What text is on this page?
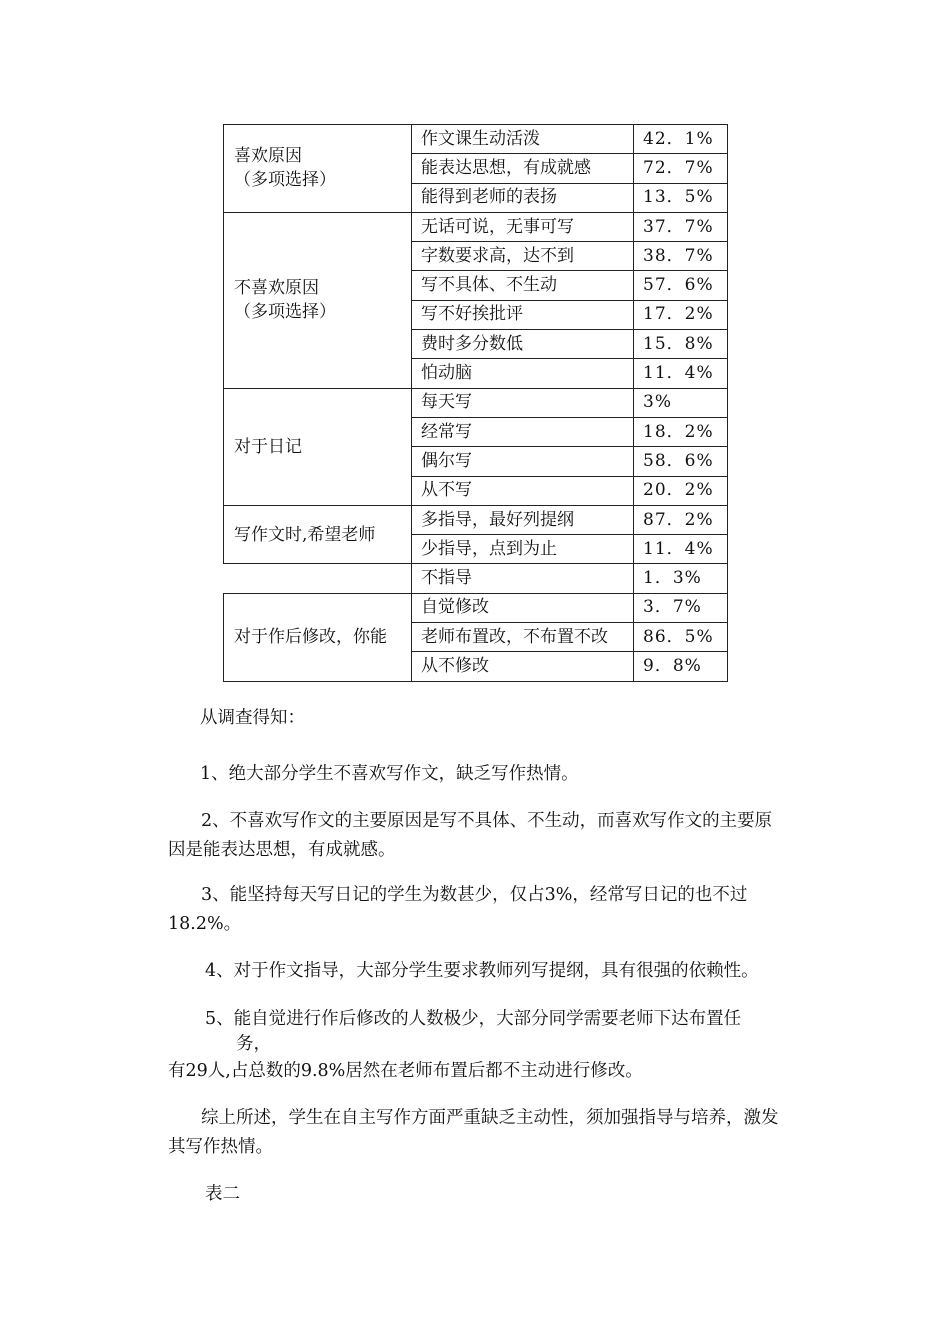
喜欢原因
（多项选择）	作文课生动活泼	42．1%
	能表达思想，有成就感	72．7%
	能得到老师的表扬	13．5%

不喜欢原因
（多项选择）	无话可说，无事可写	37．7%
	字数要求高，达不到	38．7%
	写不具体、不生动	57．6%
	写不好挨批评	17．2%
	费时多分数低	15．8%
	怕动脑	11．4%

对于日记	每天写	3%
	经常写	18．2%
	偶尔写	58．6%
	从不写	20．2%

写作文时,希望老师	多指导，最好列提纲	87．2%
	少指导，点到为止	11．4%
	不指导	1．3%

对于作后修改，你能	自觉修改	3．7%
	老师布置改，不布置不改	86．5%
	从不修改	9．8%
从调查得知：
1、绝大部分学生不喜欢写作文，缺乏写作热情。
2、不喜欢写作文的主要原因是写不具体、不生动，而喜欢写作文的主要原因是能表达思想，有成就感。
3、能坚持每天写日记的学生为数甚少，仅占3%，经常写日记的也不过18.2%。
4、对于作文指导，大部分学生要求教师列写提纲，具有很强的依赖性。
5、能自觉进行作后修改的人数极少，大部分同学需要老师下达布置任
务，
有29人,占总数的9.8%居然在老师布置后都不主动进行修改。
综上所述，学生在自主写作方面严重缺乏主动性，须加强指导与培养，激发其写作热情。
表二
